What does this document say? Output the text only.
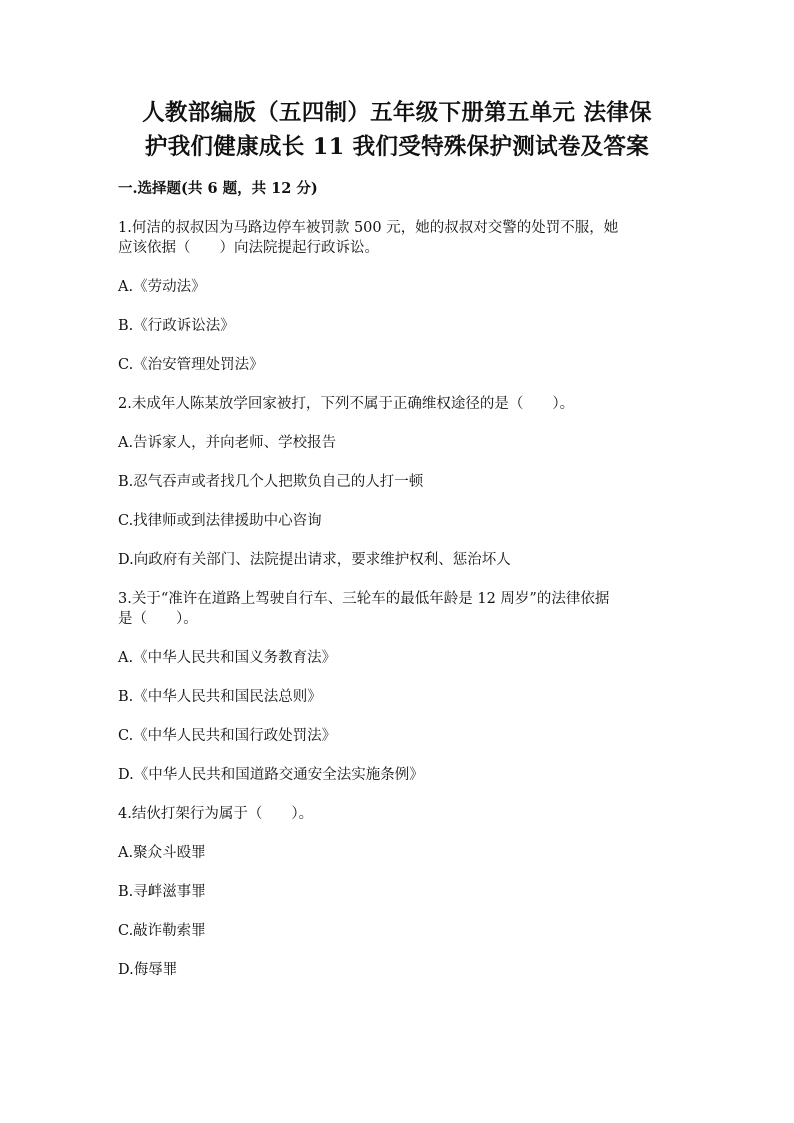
人教部编版（五四制）五年级下册第五单元 法律保
护我们健康成长 11 我们受特殊保护测试卷及答案
一.选择题(共 6 题，共 12 分)
1.何洁的叔叔因为马路边停车被罚款 500 元，她的叔叔对交警的处罚不服，她
应该依据（　　）向法院提起行政诉讼。
A.《劳动法》
B.《行政诉讼法》
C.《治安管理处罚法》
2.未成年人陈某放学回家被打，下列不属于正确维权途径的是（　　）。
A.告诉家人，并向老师、学校报告
B.忍气吞声或者找几个人把欺负自己的人打一顿
C.找律师或到法律援助中心咨询
D.向政府有关部门、法院提出请求，要求维护权利、惩治坏人
3.关于“准许在道路上驾驶自行车、三轮车的最低年龄是 12 周岁”的法律依据
是（　　）。
A.《中华人民共和国义务教育法》
B.《中华人民共和国民法总则》
C.《中华人民共和国行政处罚法》
D.《中华人民共和国道路交通安全法实施条例》
4.结伙打架行为属于（　　）。
A.聚众斗殴罪
B.寻衅滋事罪
C.敲诈勒索罪
D.侮辱罪
